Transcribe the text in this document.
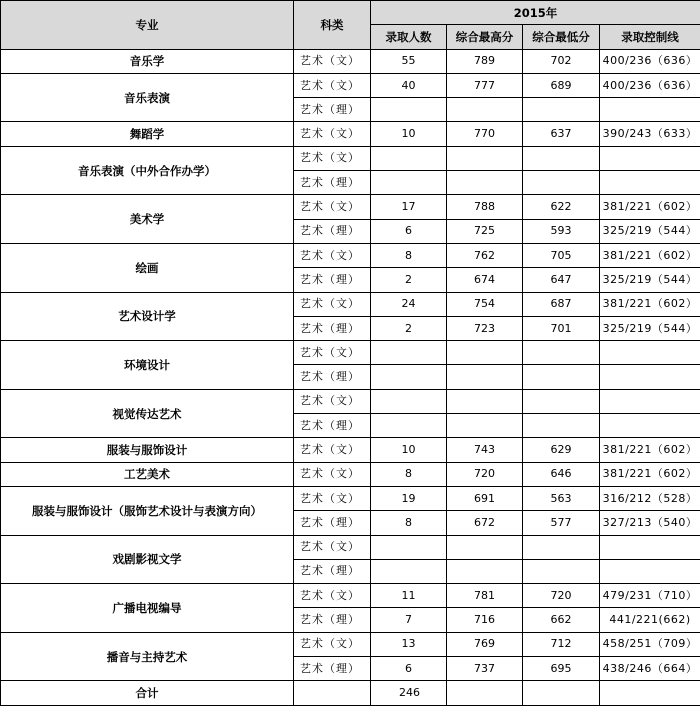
专业	科类	2015年			
		录取人数	综合最高分	综合最低分	录取控制线
音乐学	艺术（文）	55	789	702	400/236（636）
音乐表演	艺术（文）	40	777	689	400/236（636）
	艺术（理）				
舞蹈学	艺术（文）	10	770	637	390/243（633）
音乐表演（中外合作办学）	艺术（文）				
	艺术（理）				
美术学	艺术（文）	17	788	622	381/221（602）
	艺术（理）	6	725	593	325/219（544）
绘画	艺术（文）	8	762	705	381/221（602）
	艺术（理）	2	674	647	325/219（544）
艺术设计学	艺术（文）	24	754	687	381/221（602）
	艺术（理）	2	723	701	325/219（544）
环境设计	艺术（文）				
	艺术（理）				
视觉传达艺术	艺术（文）				
	艺术（理）				
服装与服饰设计	艺术（文）	10	743	629	381/221（602）
工艺美术	艺术（文）	8	720	646	381/221（602）
服装与服饰设计（服饰艺术设计与表演方向）	艺术（文）	19	691	563	316/212（528）
	艺术（理）	8	672	577	327/213（540）
戏剧影视文学	艺术（文）				
	艺术（理）				
广播电视编导	艺术（文）	11	781	720	479/231（710）
	艺术（理）	7	716	662	441/221(662)
播音与主持艺术	艺术（文）	13	769	712	458/251（709）
	艺术（理）	6	737	695	438/246（664）
合计		246			
